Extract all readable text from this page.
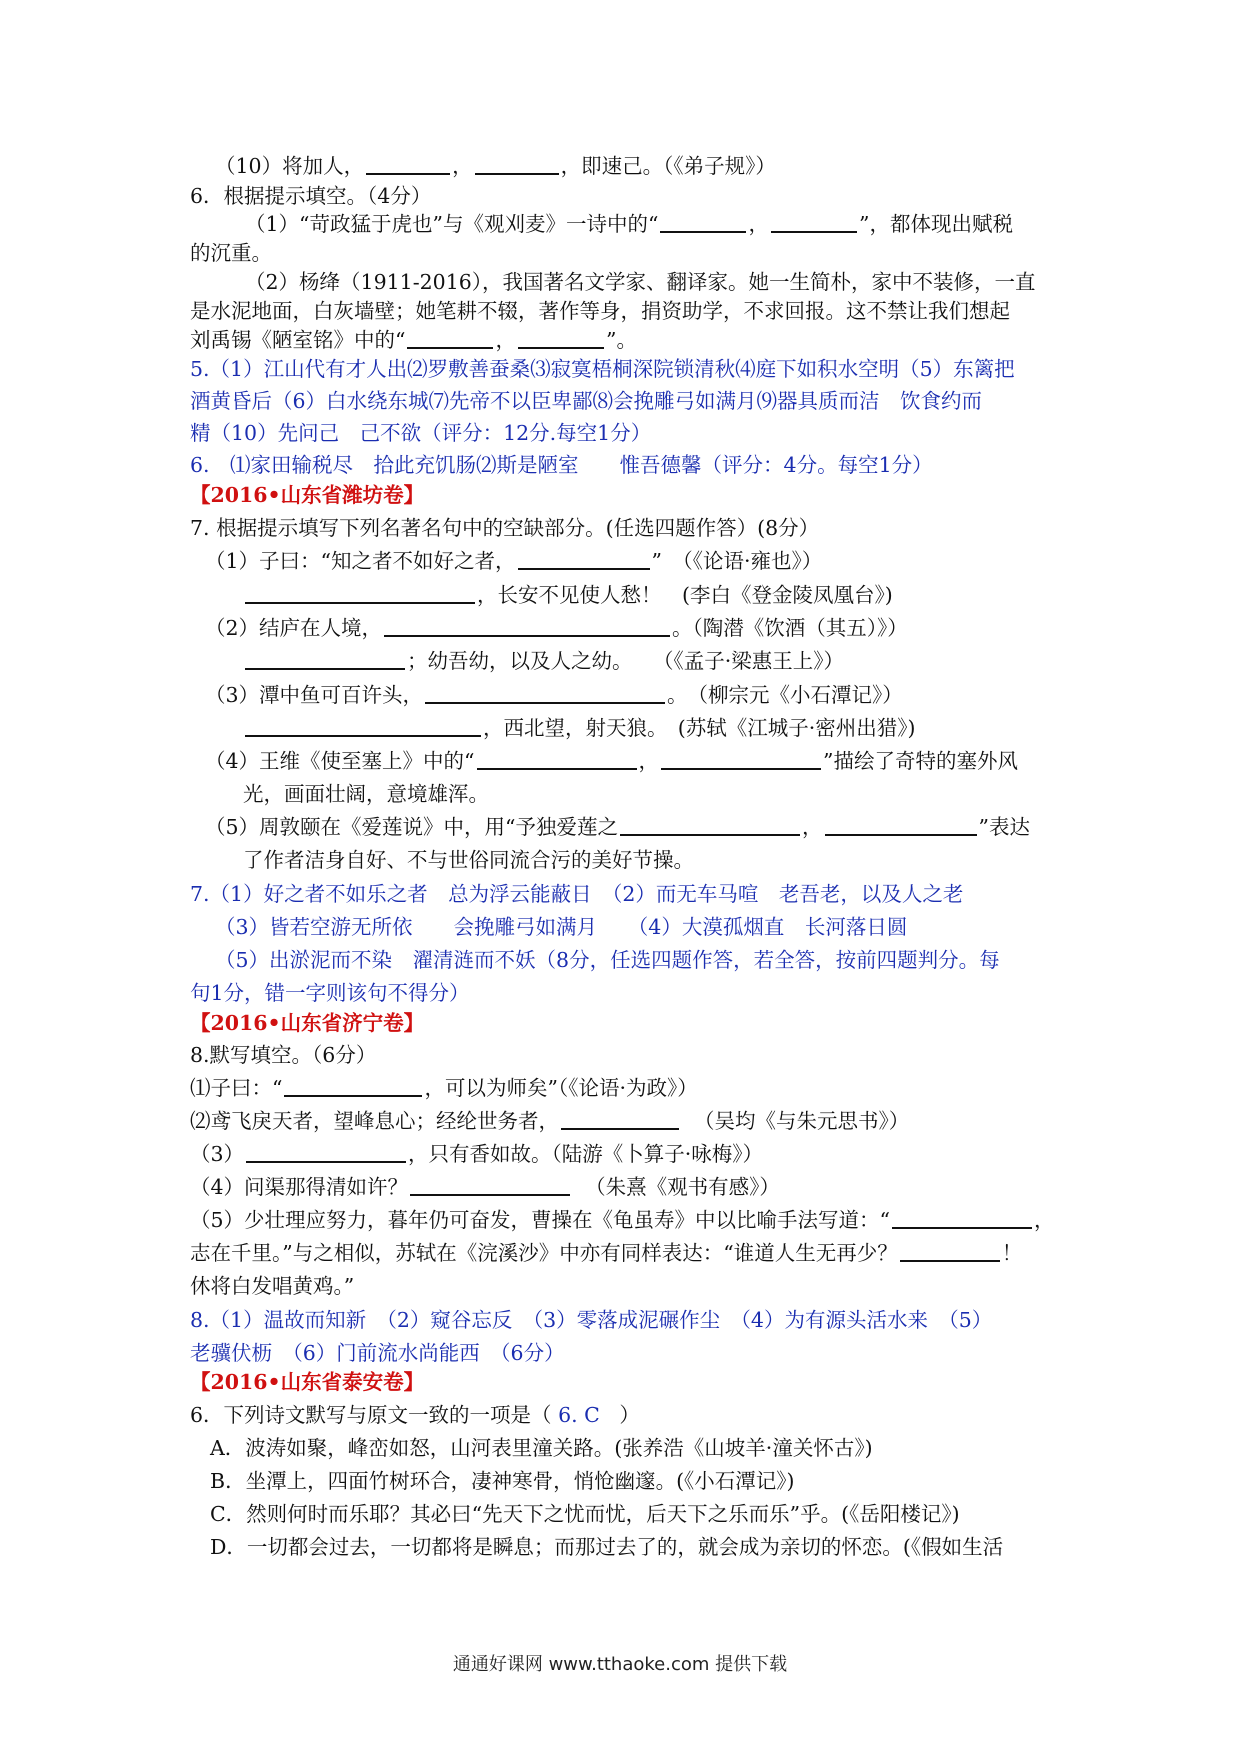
（10）将加人，	，	，即速己。（《弟子规》）
6．根据提示填空。（4分）
（1）“苛政猛于虎也”与《观刈麦》一诗中的“	，	”，都体现出赋税
的沉重。
（2）杨绛（1911-2016），我国著名文学家、翻译家。她一生简朴，家中不装修，一直
是水泥地面，白灰墙壁；她笔耕不辍，著作等身，捐资助学，不求回报。这不禁让我们想起
刘禹锡《陋室铭》中的“	，	”。
5.（1）江山代有才人出⑵罗敷善蚕桑⑶寂寞梧桐深院锁清秋⑷庭下如积水空明（5）东篱把
酒黄昏后（6）白水绕东城⑺先帝不以臣卑鄙⑻会挽雕弓如满月⑼器具质而洁　饮食约而
精（10）先问己　己不欲（评分：12分.每空1分）
6.　⑴家田输税尽　拾此充饥肠⑵斯是陋室　　惟吾德馨（评分：4分。每空1分）
【2016•山东省潍坊卷】
7. 根据提示填写下列名著名句中的空缺部分。(任选四题作答）(8分）
（1）子曰：“知之者不如好之者，	”　（《论语·雍也》）
，长安不见使人愁！　(李白《登金陵凤凰台》)
（2）结庐在人境，	。（陶潜《饮酒（其五）》）
；幼吾幼，以及人之幼。　　（《孟子·梁惠王上》）
（3）潭中鱼可百许头，	。　（柳宗元《小石潭记》）
，西北望，射天狼。　(苏轼《江城子·密州出猎》)
（4）王维《使至塞上》中的“	，	”描绘了奇特的塞外风
光，画面壮阔，意境雄浑。
（5）周敦颐在《爱莲说》中，用“予独爱莲之	，	”表达
了作者洁身自好、不与世俗同流合污的美好节操。
7.（1）好之者不如乐之者　总为浮云能蔽日　（2）而无车马喧　老吾老，以及人之老
（3）皆若空游无所依　　会挽雕弓如满月　　（4）大漠孤烟直　长河落日圆
（5）出淤泥而不染　濯清涟而不妖（8分，任选四题作答，若全答，按前四题判分。每
句1分，错一字则该句不得分）
【2016•山东省济宁卷】
8.默写填空。（6分）
⑴子曰：“	，可以为师矣”（《论语·为政》）
⑵鸢飞戾天者，望峰息心；经纶世务者，	（吴均《与朱元思书》）
（3）	，只有香如故。（陆游《卜算子·咏梅》）
（4）问渠那得清如许？	（朱熹《观书有感》）
（5）少壮理应努力，暮年仍可奋发，曹操在《龟虽寿》中以比喻手法写道：“	，
志在千里。”与之相似，苏轼在《浣溪沙》中亦有同样表达：“谁道人生无再少？	！
休将白发唱黄鸡。”
8.（1）温故而知新　（2）窥谷忘反　（3）零落成泥碾作尘　（4）为有源头活水来　（5）
老骥伏枥　（6）门前流水尚能西　（6分）
【2016•山东省泰安卷】
6．下列诗文默写与原文一致的一项是（ 6. C ）
A．波涛如聚，峰峦如怒，山河表里潼关路。(张养浩《山坡羊·潼关怀古》)
B．坐潭上，四面竹树环合，凄神寒骨，悄怆幽邃。(《小石潭记》)
C．然则何时而乐耶？其必曰“先天下之忧而忧，后天下之乐而乐”乎。(《岳阳楼记》)
D．一切都会过去，一切都将是瞬息；而那过去了的，就会成为亲切的怀恋。(《假如生活
通通好课网 www.tthaoke.com 提供下载
